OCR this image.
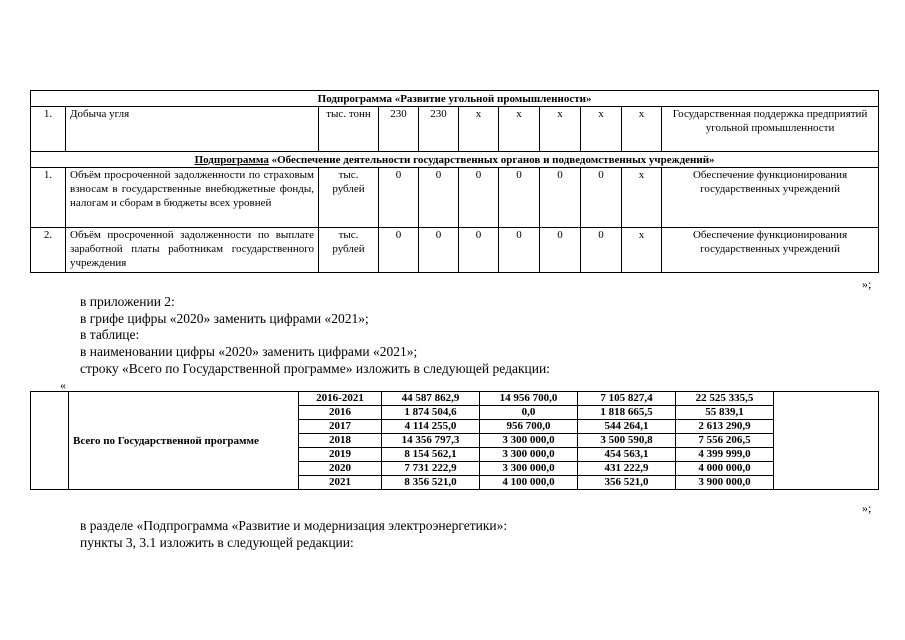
Подпрограмма «Развитие угольной промышленности»										
1.	Добыча угля	тыс. тонн	230	230	х	х	х	х	х	Государственная поддержка предприятий угольной промышленности
Подпрограмма «Обеспечение деятельности государственных органов и подведомственных учреждений»										
1.	Объём просроченной задолженности по страховым взносам в государственные внебюджетные фонды, налогам и сборам в бюджеты всех уровней	тыс. рублей	0	0	0	0	0	0	х	Обеспечение функционирования государственных учреждений
2.	Объём просроченной задолженности по выплате заработной платы работникам государственного учреждения	тыс. рублей	0	0	0	0	0	0	х	Обеспечение функционирования государственных учреждений
»;
в приложении 2:
в грифе цифры «2020» заменить цифрами «2021»;
в таблице:
в наименовании цифры «2020» заменить цифрами «2021»;
строку «Всего по Государственной программе» изложить в следующей редакции:
«
	Всего по Государственной программе	2016-2021	44 587 862,9	14 956 700,0	7 105 827,4	22 525 335,5	
		2016	1 874 504,6	0,0	1 818 665,5	55 839,1	
		2017	4 114 255,0	956 700,0	544 264,1	2 613 290,9	
		2018	14 356 797,3	3 300 000,0	3 500 590,8	7 556 206,5	
		2019	8 154 562,1	3 300 000,0	454 563,1	4 399 999,0	
		2020	7 731 222,9	3 300 000,0	431 222,9	4 000 000,0	
		2021	8 356 521,0	4 100 000,0	356 521,0	3 900 000,0	
»;
в разделе «Подпрограмма «Развитие и модернизация электроэнергетики»:
пункты 3, 3.1 изложить в следующей редакции:
